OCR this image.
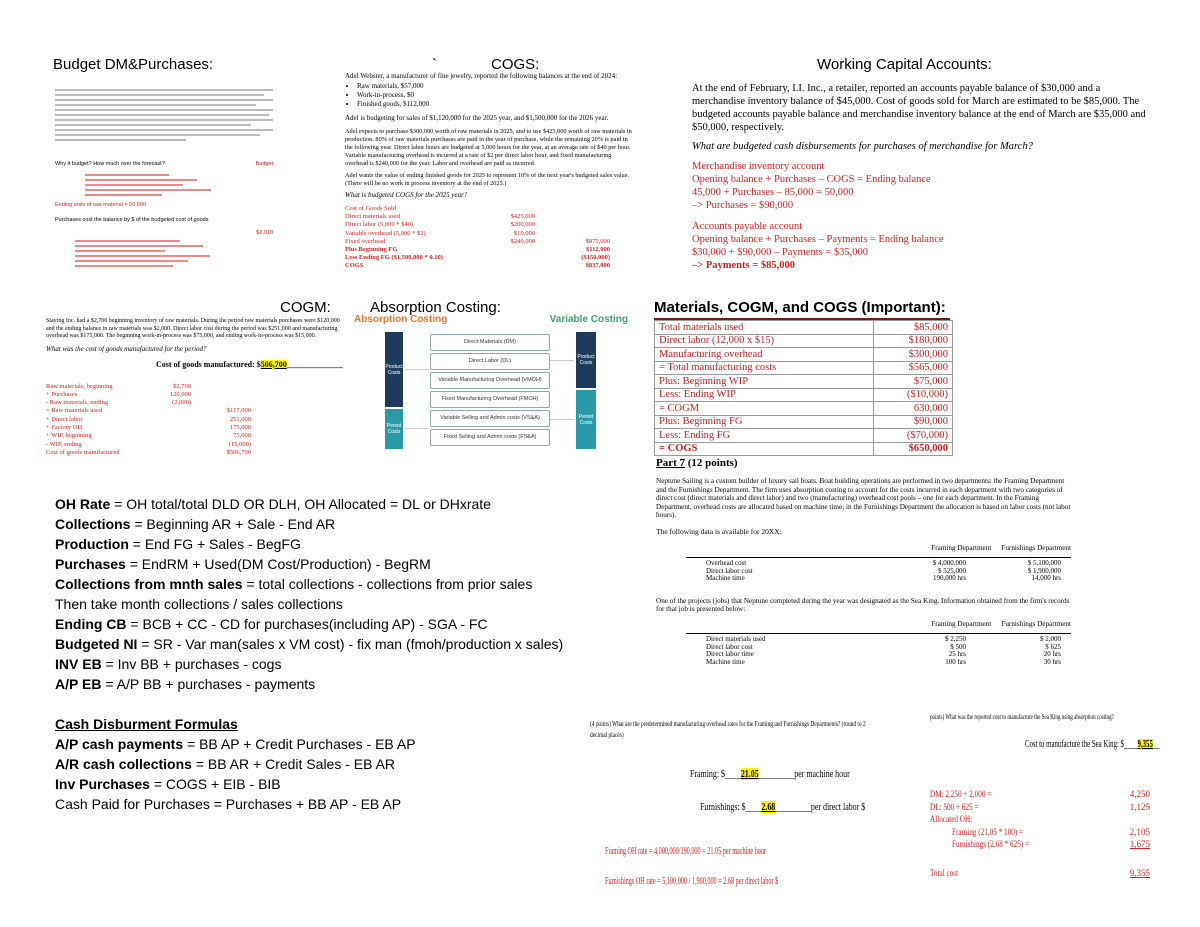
Budget DM&Purchases:	`	COGS:	Working Capital Accounts:
COGM:	Absorption Costing:	Materials, COGM, and COGS (Important):
Why it budget? How much over the forecast?	Budget
Ending units of raw material = 50,000
Purchases cost the balance by $ of the budgeted cost of goods
$2,010
Adel Webster, a manufacturer of fine jewelry, reported the following balances at the end of 2024:
• Raw materials, $57,000
• Work-in-process, $0
• Finished goods, $112,000
Adel is budgeting for sales of $1,120,000 for the 2025 year, and $1,500,000 for the 2026 year.
Adel expects to purchase $300,000 worth of raw materials in 2025, and to use $425,000 worth of raw materials in production. 80% of raw materials purchases are paid in the year of purchase, while the remaining 20% is paid in the following year. Direct labor hours are budgeted at 5,000 hours for the year, at an average rate of $40 per hour. Variable manufacturing overhead is incurred at a rate of $2 per direct labor hour, and fixed manufacturing overhead is $240,000 for the year. Labor and overhead are paid as incurred.
Adel wants the value of ending finished goods for 2025 to represent 10% of the next year's budgeted sales value. (There will be no work in process inventory at the end of 2025.)
What is budgeted COGS for the 2025 year?
Cost of Goods Sold
Direct materials used	$425,000
Direct labor (5,000 * $40)	$200,000
Variable overhead (5,000 * $2)	$10,000
Fixed overhead	$240,000	$875,000
Plus Beginning FG	$112,000
Less Ending FG ($1,500,000 * 0.10)	($150,000)
COGS	$837,000
At the end of February, I.I. Inc., a retailer, reported an accounts payable balance of $30,000 and a merchandise inventory balance of $45,000. Cost of goods sold for March are estimated to be $85,000. The budgeted accounts payable balance and merchandise inventory balance at the end of March are $35,000 and $50,000, respectively.
What are budgeted cash disbursements for purchases of merchandise for March?
Merchandise inventory account
Opening balance + Purchases – COGS = Ending balance
45,000 + Purchases – 85,000 = 50,000
–> Purchases = $90,000
Accounts payable account
Opening balance + Purchases – Payments = Ending balance
$30,000 + $90,000 – Payments = $35,000
–> Payments = $85,000
Staying Inc. had a $2,700 beginning inventory of raw materials. During the period raw materials purchases were $120,000 and the ending balance in raw materials was $2,000. Direct labor cost during the period was $251,000 and manufacturing overhead was $175,000. The beginning work-in-process was $75,000, and ending work-in-process was $15,000.
What was the cost of goods manufactured for the period?
Cost of goods manufactured: $506,700______________
Raw materials, beginning	$2,700
+ Purchases	120,000
- Raw materials, ending	(2,000)
= Raw materials used	$117,000
+ Direct labor	251,000
+ Factory OH	175,000
+ WIP, beginning	75,000
- WIP, ending	(15,000)
Cost of goods manufactured	$506,700
Absorption Costing	Variable Costing
Product Costs
Period Costs
Product Costs
Period Costs
Direct Materials (DM)
Direct Labor (DL)
Variable Manufacturing Overhead (VMOH)
Fixed Manufacturing Overhead (FMOH)
Variable Selling and Admin costs (VS&A)
Fixed Selling and Admin costs (FS&A)
Total materials used	$85,000
Direct labor (12,000 x $15)	$180,000
Manufacturing overhead	$300,000
= Total manufacturing costs	$565,000
Plus: Beginning WIP	$75,000
Less: Ending WIP	($10,000)
= COGM	630,000
Plus: Beginning FG	$90,000
Less: Ending FG	($70,000)
= COGS	$650,000
Part 7 (12 points)
Neptune Sailing is a custom builder of luxury sail boats. Boat building operations are performed in two departments: the Framing Department and the Furnishings Department. The firm uses absorption costing to account for the costs incurred in each department with two categories of direct cost (direct materials and direct labor) and two (manufacturing) overhead cost pools – one for each department. In the Framing Department, overhead costs are allocated based on machine time; in the Furnishings Department the allocation is based on labor costs (not labor hours).
The following data is available for 20XX:
Framing Department Furnishings Department
Overhead cost	$ 4,000,000	$ 5,100,000
Direct labor cost	$ 525,000	$ 1,900,000
Machine time	190,000 hrs	14,000 hrs
One of the projects (jobs) that Neptune completed during the year was designated as the Sea King. Information obtained from the firm's records for that job is presented below:
Framing Department Furnishings Department
Direct materials used	$ 2,250	$ 2,000
Direct labor cost	$ 500	$ 625
Direct labor time	25 hrs	20 hrs
Machine time	100 hrs	30 hrs
OH Rate = OH total/total DLD OR DLH, OH Allocated = DL or DHxrate
Collections = Beginning AR + Sale - End AR
Production = End FG + Sales - BegFG
Purchases = EndRM + Used(DM Cost/Production) - BegRM
Collections from mnth sales = total collections - collections from prior sales
Then take month collections / sales collections
Ending CB = BCB + CC - CD for purchases(including AP) - SGA - FC
Budgeted NI = SR - Var man(sales x VM cost) - fix man (fmoh/production x sales)
INV EB = Inv BB + purchases - cogs
A/P EB = A/P BB + purchases - payments
Cash Disburment Formulas
A/P cash payments = BB AP + Credit Purchases - EB AP
A/R cash collections = BB AR + Credit Sales - EB AR
Inv Purchases = COGS + EIB - BIB
Cash Paid for Purchases = Purchases + BB AP - EB AP
(4 points) What are the predetermined manufacturing overhead rates for the Framing and Furnishings Departments? (round to 2 decimal places)
Framing: $____21.05_________per machine hour
Furnishings: $____2.68_________per direct labor $
Framing OH rate = 4,000,000/190,000 = 21.05 per machine hour
Furnishings OH rate = 5,100,000 / 1,900,000 = 2.68 per direct labor $
points) What was the reported cost to manufacture the Sea King using absorption costing?
Cost to manufacture the Sea King: $____9,355__
DM: 2,250 + 2,000 =	4,250
DL: 500 + 625 =	1,125
Allocated OH:
Framing (21.05 * 100) =	2,105
Furnishings (2.68 * 625) =	1,675
Total cost	9,355
